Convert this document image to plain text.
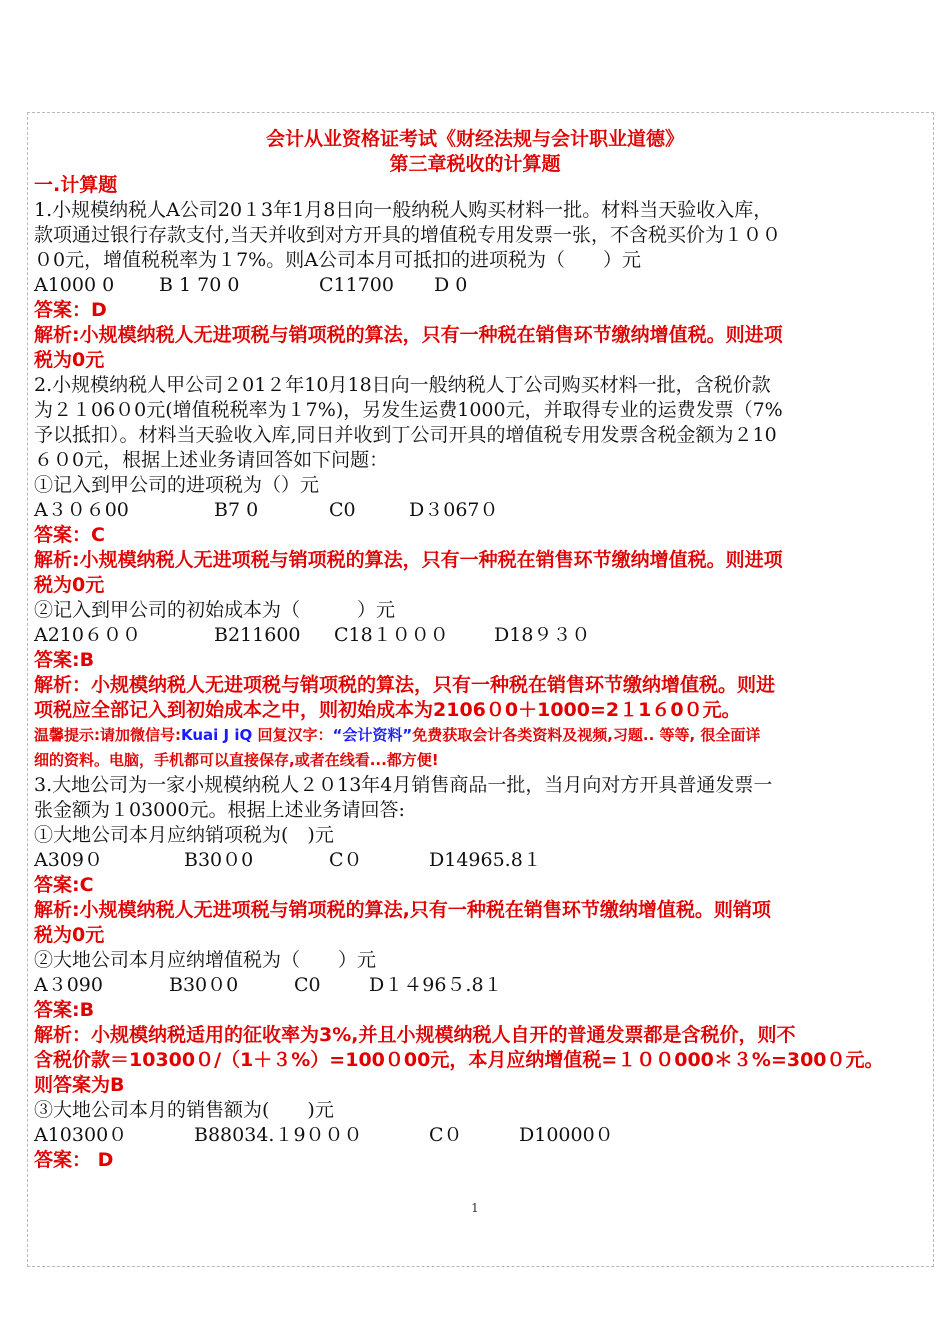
会计从业资格证考试《财经法规与会计职业道德》
第三章税收的计算题
一.计算题
1.小规模纳税人A公司20１3年1月8日向一般纳税人购买材料一批。材料当天验收入库，
款项通过银行存款支付,当天并收到对方开具的增值税专用发票一张，不含税买价为１００
０0元，增值税税率为１7%。则A公司本月可抵扣的进项税为（　　）元
A1000 0	B 1 70 0	C11700	D 0
答案：D
解析:小规模纳税人无进项税与销项税的算法，只有一种税在销售环节缴纳增值税。则进项
税为0元
2.小规模纳税人甲公司２01２年10月18日向一般纳税人丁公司购买材料一批，含税价款
为２１06０0元(增值税税率为１7%)，另发生运费1000元，并取得专业的运费发票（7%
予以抵扣）。材料当天验收入库,同日并收到丁公司开具的增值税专用发票含税金额为２10
６０0元，根据上述业务请回答如下问题：
①记入到甲公司的进项税为（）元
A３０６00	B7 0	C0	D３067０
答案：C
解析:小规模纳税人无进项税与销项税的算法，只有一种税在销售环节缴纳增值税。则进项
税为0元
②记入到甲公司的初始成本为（　　　）元
A210６００	B211600	C18１０００	D18９３０
答案:B
解析：小规模纳税人无进项税与销项税的算法，只有一种税在销售环节缴纳增值税。则进
项税应全部记入到初始成本之中，则初始成本为2106０0＋1000=2１1６0０元。
温馨提示:请加微信号:Kuai J iQ 回复汉字：“会计资料”免费获取会计各类资料及视频,习题.. 等等, 很全面详
细的资料。电脑，手机都可以直接保存,或者在线看...都方便!
3.大地公司为一家小规模纳税人２０13年4月销售商品一批，当月向对方开具普通发票一
张金额为１03000元。根据上述业务请回答:
①大地公司本月应纳销项税为(　)元
A309０	B30０0	C０	D14965.8１
答案:C
解析:小规模纳税人无进项税与销项税的算法,只有一种税在销售环节缴纳增值税。则销项
税为0元
②大地公司本月应纳增值税为（　　）元
A３090	B30０0	C0	D１４96５.8１
答案:B
解析：小规模纳税适用的征收率为3%,并且小规模纳税人自开的普通发票都是含税价，则不
含税价款＝10300０/（1＋３%）=100０00元，本月应纳增值税=１００000＊３%=300０元。
则答案为B
③大地公司本月的销售额为(　　)元
A10300０	B88034.１9０００	C０	D10000０
答案： D
1
